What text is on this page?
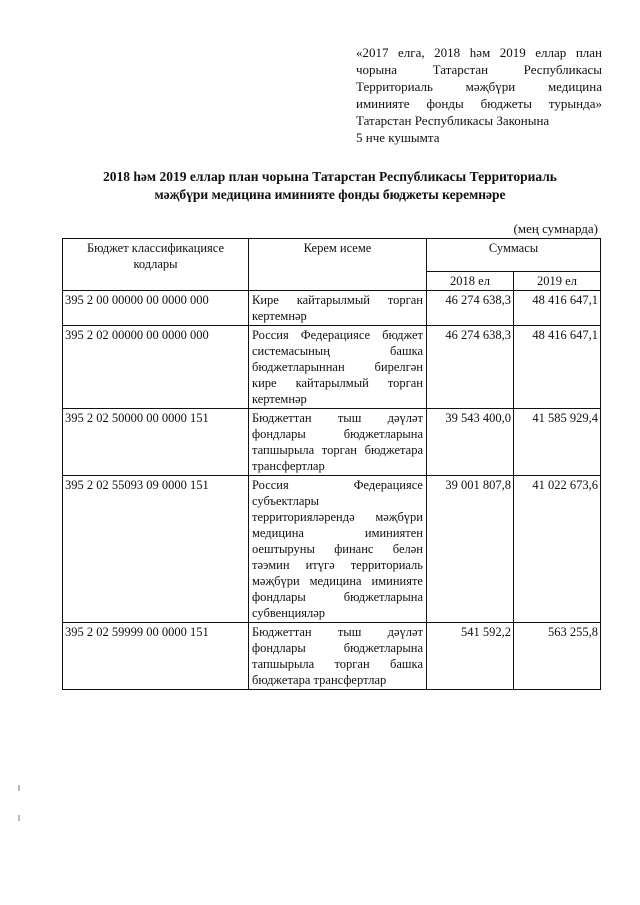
«2017 елга, 2018 һәм 2019 еллар план
чорына Татарстан Республикасы
Территориаль мәҗбүри медицина
иминияте фонды бюджеты турында»
Татарстан Республикасы Законына
5 нче кушымта
2018 һәм 2019 еллар план чорына Татарстан Республикасы Территориаль
мәҗбүри медицина иминияте фонды бюджеты керемнәре
(мең сумнарда)
Бюджет классификациясе кодлары	Керем исеме	Суммасы	
		2018 ел	2019 ел
395 2 00 00000 00 0000 000	Кире кайтарылмый торган кертемнәр	46 274 638,3	48 416 647,1
395 2 02 00000 00 0000 000	Россия Федерациясе бюджет системасының башка бюджетларыннан бирелгән кире кайтарылмый торган кертемнәр	46 274 638,3	48 416 647,1
395 2 02 50000 00 0000 151	Бюджеттан тыш дәүләт фондлары бюджетларына тапшырыла торган бюджетара трансфертлар	39 543 400,0	41 585 929,4
395 2 02 55093 09 0000 151	Россия Федерациясе субъектлары территорияләрендә мәҗбүри медицина иминиятен оештыруны финанс белән тәэмин итүгә территориаль мәҗбүри медицина иминияте фондлары бюджетларына субвенцияләр	39 001 807,8	41 022 673,6
395 2 02 59999 00 0000 151	Бюджеттан тыш дәүләт фондлары бюджетларына тапшырыла торган башка бюджетара трансфертлар	541 592,2	563 255,8
